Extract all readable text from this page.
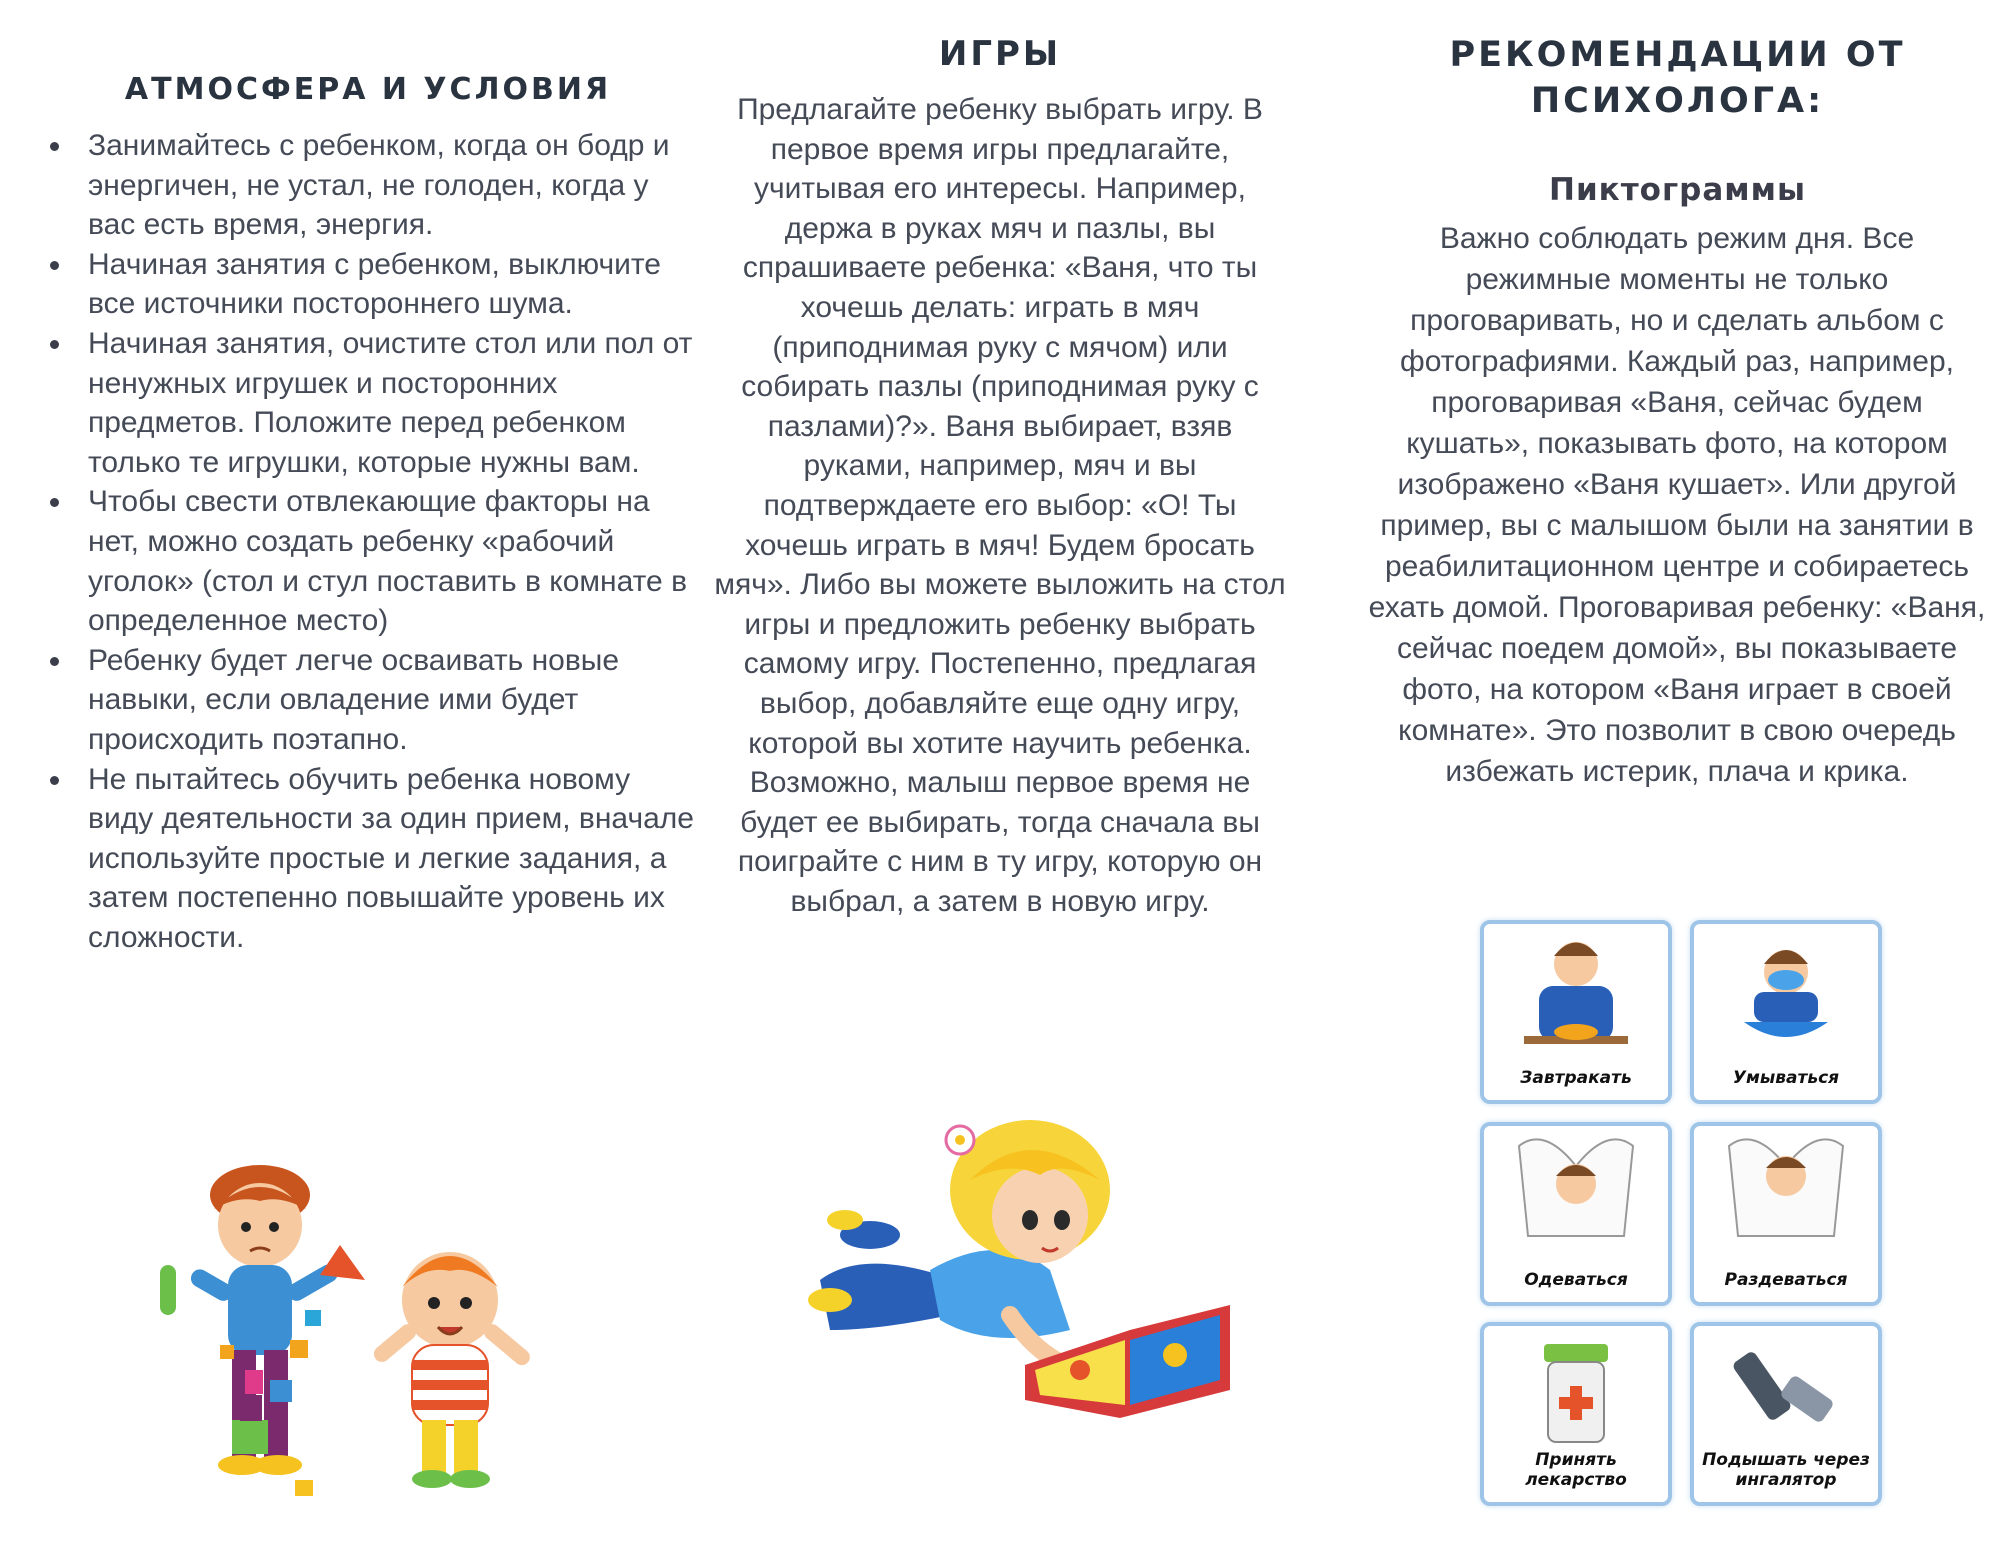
АТМОСФЕРА И УСЛОВИЯ
Занимайтесь с ребенком, когда он бодр и энергичен, не устал, не голоден, когда у вас есть время, энергия.
Начиная занятия с ребенком, выключите все источники постороннего шума.
Начиная занятия, очистите стол или пол от ненужных игрушек и посторонних предметов. Положите перед ребенком только те игрушки, которые нужны вам.
Чтобы свести отвлекающие факторы на нет, можно создать ребенку «рабочий уголок» (стол и стул поставить в комнате в определенное место)
Ребенку будет легче осваивать новые навыки, если овладение ими будет происходить поэтапно.
Не пытайтесь обучить ребенка новому виду деятельности за один прием, вначале используйте простые и легкие задания, а затем постепенно повышайте уровень их сложности.
ИГРЫ

Предлагайте ребенку выбрать игру. В первое время игры предлагайте, учитывая его интересы. Например, держа в руках мяч и пазлы, вы спрашиваете ребенка: «Ваня, что ты хочешь делать: играть в мяч (приподнимая руку с мячом) или собирать пазлы (приподнимая руку с пазлами)?». Ваня выбирает, взяв руками, например, мяч и вы подтверждаете его выбор: «О! Ты хочешь играть в мяч! Будем бросать мяч». Либо вы можете выложить на стол игры и предложить ребенку выбрать самому игру. Постепенно, предлагая выбор, добавляйте еще одну игру, которой вы хотите научить ребенка. Возможно, малыш первое время не будет ее выбирать, тогда сначала вы поиграйте с ним в ту игру, которую он выбрал, а затем в новую игру.

РЕКОМЕНДАЦИИ ОТ ПСИХОЛОГА:
Пиктограммы

Важно соблюдать режим дня. Все режимные моменты не только проговаривать, но и сделать альбом с фотографиями. Каждый раз, например, проговаривая «Ваня, сейчас будем кушать», показывать фото, на котором изображено «Ваня кушает». Или другой пример, вы с малышом были на занятии в реабилитационном центре и собираетесь ехать домой. Проговаривая ребенку: «Ваня, сейчас поедем домой», вы показываете фото, на котором «Ваня играет в своей комнате». Это позволит в свою очередь избежать истерик, плача и крика.

Завтракать	Умываться
Одеваться	Раздеваться
Принять лекарство
Подышать через ингалятор
